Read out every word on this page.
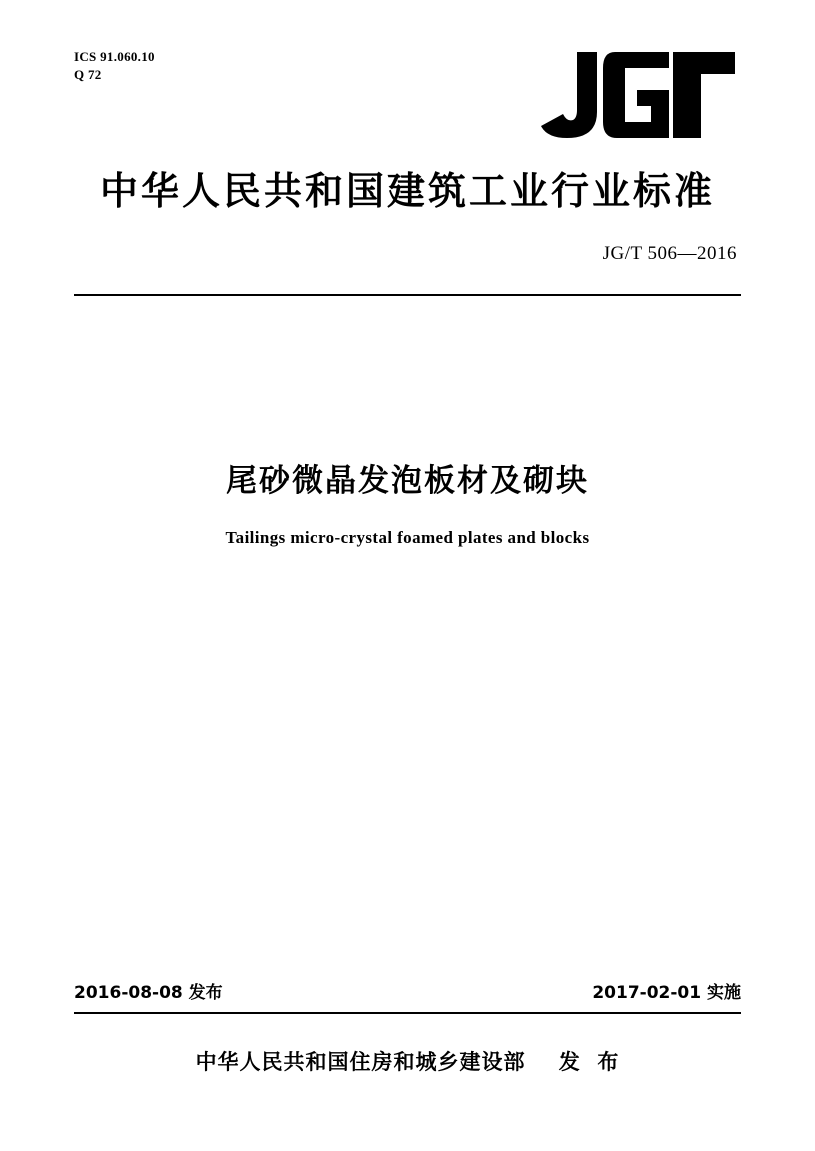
ICS 91.060.10
Q 72
中华人民共和国建筑工业行业标准
JG/T 506—2016
尾砂微晶发泡板材及砌块
Tailings micro-crystal foamed plates and blocks
2016-08-08 发布	2017-02-01 实施
中华人民共和国住房和城乡建设部    发  布
